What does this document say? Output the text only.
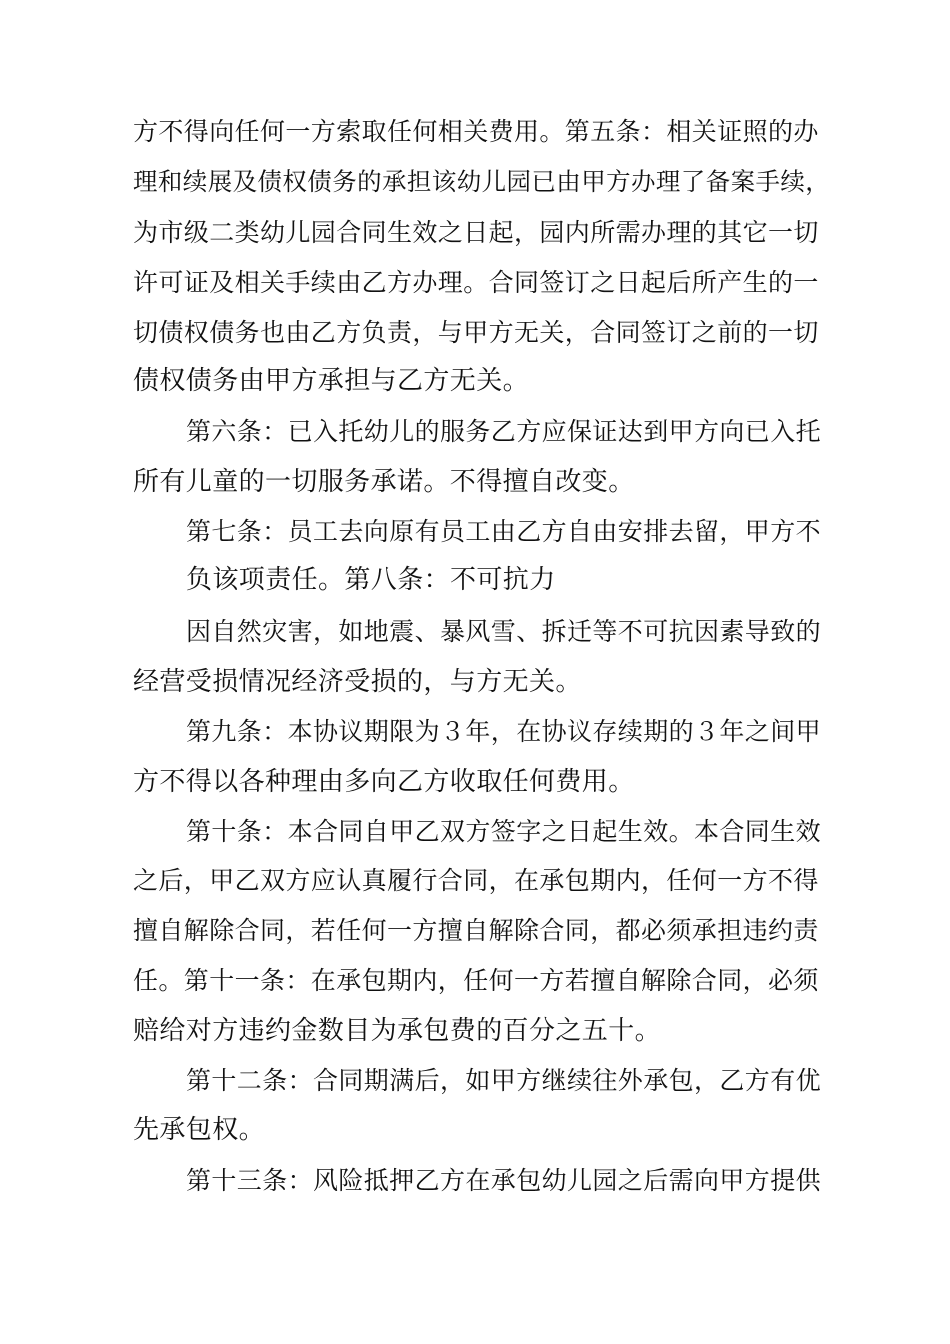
方不得向任何一方索取任何相关费用。第五条：相关证照的办
理和续展及债权债务的承担该幼儿园已由甲方办理了备案手续，
为市级二类幼儿园合同生效之日起，园内所需办理的其它一切
许可证及相关手续由乙方办理。合同签订之日起后所产生的一
切债权债务也由乙方负责，与甲方无关，合同签订之前的一切
债权债务由甲方承担与乙方无关。
第六条：已入托幼儿的服务乙方应保证达到甲方向已入托
所有儿童的一切服务承诺。不得擅自改变。
第七条：员工去向原有员工由乙方自由安排去留，甲方不
负该项责任。第八条：不可抗力
因自然灾害，如地震、暴风雪、拆迁等不可抗因素导致的
经营受损情况经济受损的，与方无关。
第九条：本协议期限为３年，在协议存续期的３年之间甲
方不得以各种理由多向乙方收取任何费用。
第十条：本合同自甲乙双方签字之日起生效。本合同生效
之后，甲乙双方应认真履行合同，在承包期内，任何一方不得
擅自解除合同，若任何一方擅自解除合同，都必须承担违约责
任。第十一条：在承包期内，任何一方若擅自解除合同，必须
赔给对方违约金数目为承包费的百分之五十。
第十二条：合同期满后，如甲方继续往外承包，乙方有优
先承包权。
第十三条：风险抵押乙方在承包幼儿园之后需向甲方提供
